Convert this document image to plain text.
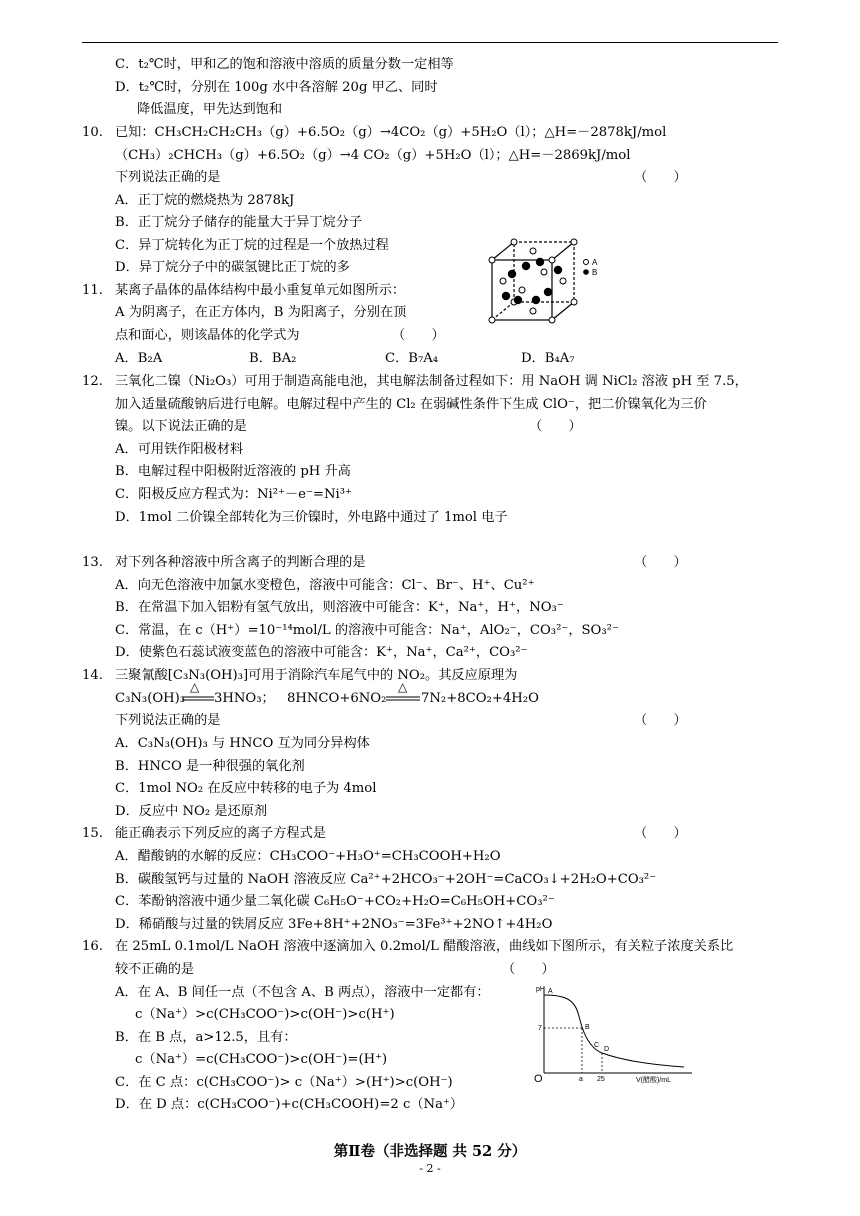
C．t₂℃时，甲和乙的饱和溶液中溶质的质量分数一定相等
D．t₂℃时，分别在 100g 水中各溶解 20g 甲乙、同时
降低温度，甲先达到饱和
10. 已知：CH₃CH₂CH₂CH₃（g）+6.5O₂（g）→4CO₂（g）+5H₂O（l）；△H=－2878kJ/mol
（CH₃）₂CHCH₃（g）+6.5O₂（g）→4 CO₂（g）+5H₂O（l）；△H=－2869kJ/mol
下列说法正确的是	（　　）
A．正丁烷的燃烧热为 2878kJ
B．正丁烷分子储存的能量大于异丁烷分子
C．异丁烷转化为正丁烷的过程是一个放热过程
D．异丁烷分子中的碳氢键比正丁烷的多	A
B
11. 某离子晶体的晶体结构中最小重复单元如图所示：
A 为阴离子，在正方体内，B 为阳离子，分别在顶
点和面心，则该晶体的化学式为	（　　）
A．B₂A	B．BA₂	C．B₇A₄	D．B₄A₇
12. 三氧化二镍（Ni₂O₃）可用于制造高能电池，其电解法制备过程如下：用 NaOH 调 NiCl₂ 溶液 pH 至 7.5，
加入适量硫酸钠后进行电解。电解过程中产生的 Cl₂ 在弱碱性条件下生成 ClO⁻，把二价镍氧化为三价
镍。以下说法正确的是	（　　）
A．可用铁作阳极材料
B．电解过程中阳极附近溶液的 pH 升高
C．阳极反应方程式为：Ni²⁺－e⁻=Ni³⁺
D．1mol 二价镍全部转化为三价镍时，外电路中通过了 1mol 电子
13. 对下列各种溶液中所含离子的判断合理的是	（　　）
A．向无色溶液中加氯水变橙色，溶液中可能含：Cl⁻、Br⁻、H⁺、Cu²⁺
B．在常温下加入铝粉有氢气放出，则溶液中可能含：K⁺，Na⁺，H⁺，NO₃⁻
C．常温，在 c（H⁺）=10⁻¹⁴mol/L 的溶液中可能含：Na⁺，AlO₂⁻，CO₃²⁻，SO₃²⁻
D．使紫色石蕊试液变蓝色的溶液中可能含：K⁺，Na⁺，Ca²⁺，CO₃²⁻
14. 三聚氰酸[C₃N₃(OH)₃]可用于消除汽车尾气中的 NO₂。其反应原理为
C₃N₃(OH)₃
△
3HNO₃； 8HNCO+6NO₂
△
7N₂+8CO₂+4H₂O
下列说法正确的是	（　　）
A．C₃N₃(OH)₃ 与 HNCO 互为同分异构体
B．HNCO 是一种很强的氧化剂
C．1mol NO₂ 在反应中转移的电子为 4mol
D．反应中 NO₂ 是还原剂
15. 能正确表示下列反应的离子方程式是	（　　）
A．醋酸钠的水解的反应：CH₃COO⁻+H₃O⁺=CH₃COOH+H₂O
B．碳酸氢钙与过量的 NaOH 溶液反应 Ca²⁺+2HCO₃⁻+2OH⁻=CaCO₃↓+2H₂O+CO₃²⁻
C．苯酚钠溶液中通少量二氧化碳 C₆H₅O⁻+CO₂+H₂O=C₆H₅OH+CO₃²⁻
D．稀硝酸与过量的铁屑反应 3Fe+8H⁺+2NO₃⁻=3Fe³⁺+2NO↑+4H₂O
16. 在 25mL 0.1mol/L NaOH 溶液中逐滴加入 0.2mol/L 醋酸溶液，曲线如下图所示，有关粒子浓度关系比
较不正确的是	（　　）
A．在 A、B 间任一点（不包含 A、B 两点），溶液中一定都有：
c（Na⁺）>c(CH₃COO⁻)>c(OH⁻)>c(H⁺)
B．在 B 点，a>12.5，且有：
c（Na⁺）=c(CH₃COO⁻)>c(OH⁻)=(H⁺)
C．在 C 点：c(CH₃COO⁻)> c（Na⁺）>(H⁺)>c(OH⁻)
D．在 D 点：c(CH₃COO⁻)+c(CH₃COOH)=2 c（Na⁺）
pH
7
A
B
C
D
a 25	V(醋酸)/mL
O
第Ⅱ卷（非选择题 共 52 分）
- 2 -
